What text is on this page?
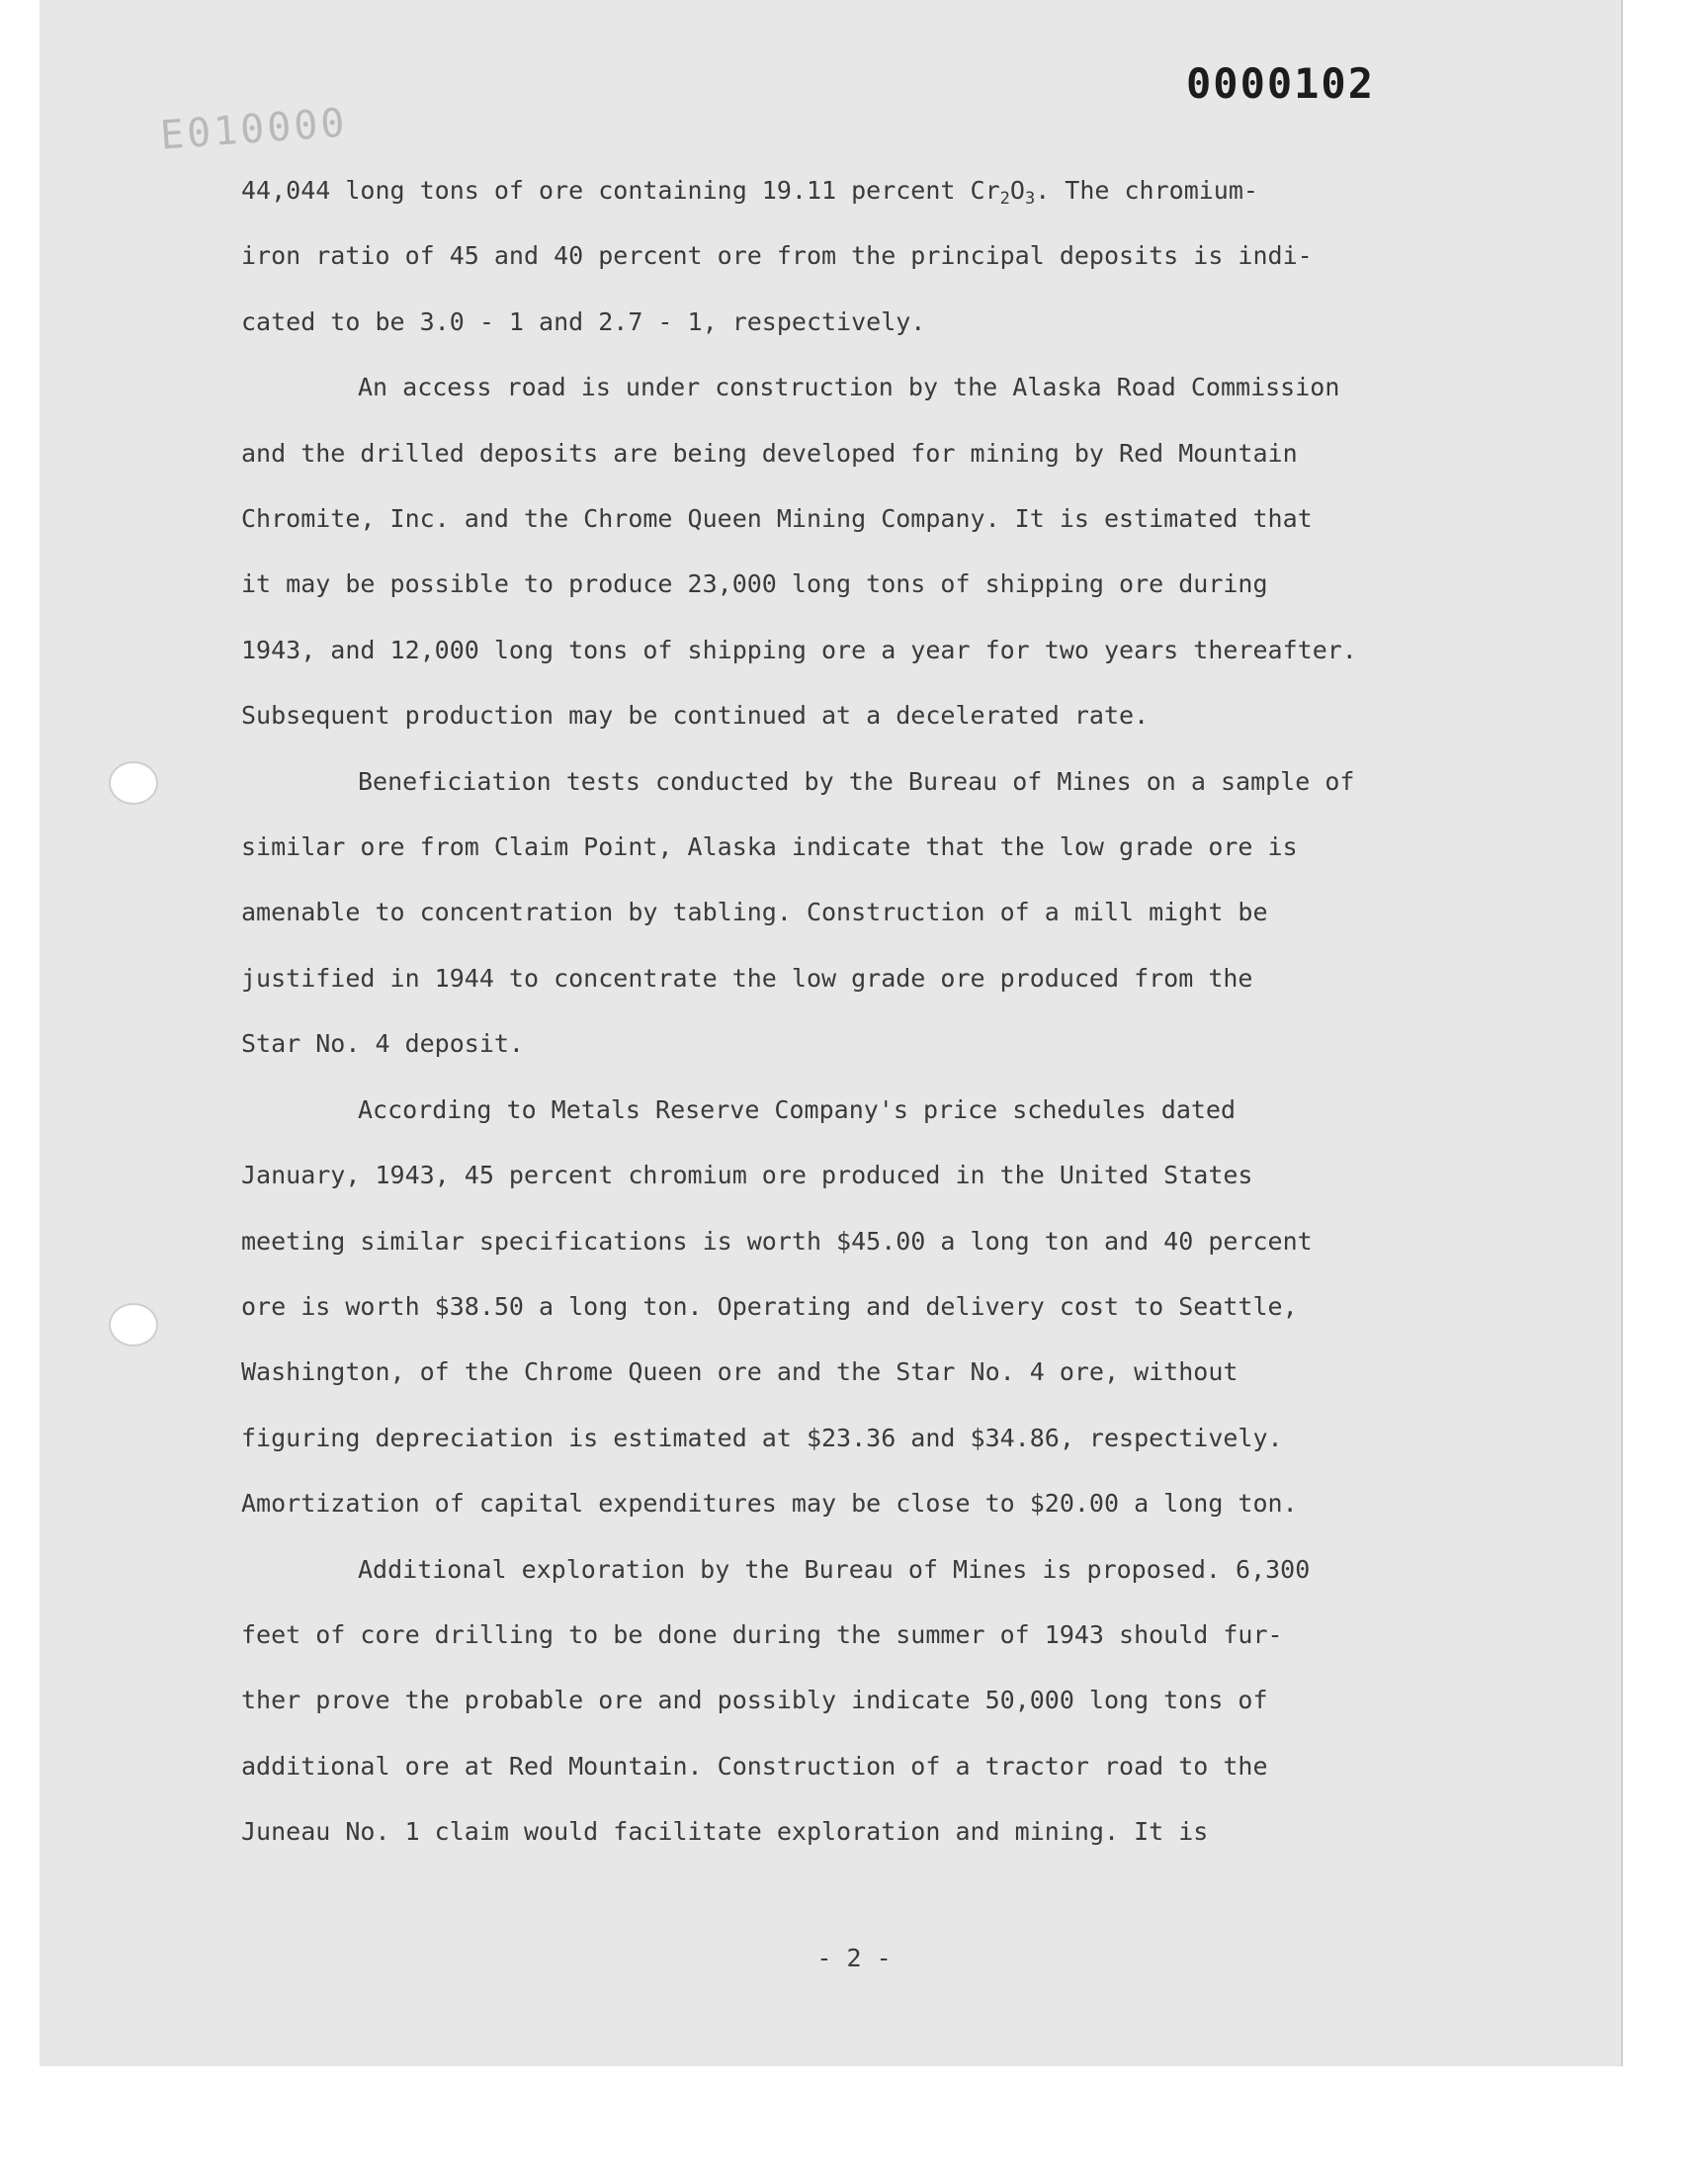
E010000
0000102

44,044 long tons of ore containing 19.11 percent $Cr_2O_3$. The chromium-

iron ratio of 45 and 40 percent ore from the principal deposits is indi-

cated to be 3.0 - 1 and 2.7 - 1, respectively.

An access road is under construction by the Alaska Road Commission

and the drilled deposits are being developed for mining by Red Mountain

Chromite, Inc. and the Chrome Queen Mining Company. It is estimated that

it may be possible to produce 23,000 long tons of shipping ore during

1943, and 12,000 long tons of shipping ore a year for two years thereafter.

Subsequent production may be continued at a decelerated rate.

Beneficiation tests conducted by the Bureau of Mines on a sample of

similar ore from Claim Point, Alaska indicate that the low grade ore is

amenable to concentration by tabling. Construction of a mill might be

justified in 1944 to concentrate the low grade ore produced from the

Star No. 4 deposit.

According to Metals Reserve Company's price schedules dated

January, 1943, 45 percent chromium ore produced in the United States

meeting similar specifications is worth $45.00 a long ton and 40 percent

ore is worth $38.50 a long ton. Operating and delivery cost to Seattle,

Washington, of the Chrome Queen ore and the Star No. 4 ore, without

figuring depreciation is estimated at $23.36 and $34.86, respectively.

Amortization of capital expenditures may be close to $20.00 a long ton.

Additional exploration by the Bureau of Mines is proposed. 6,300

feet of core drilling to be done during the summer of 1943 should fur-

ther prove the probable ore and possibly indicate 50,000 long tons of

additional ore at Red Mountain. Construction of a tractor road to the

Juneau No. 1 claim would facilitate exploration and mining. It is

- 2 -
